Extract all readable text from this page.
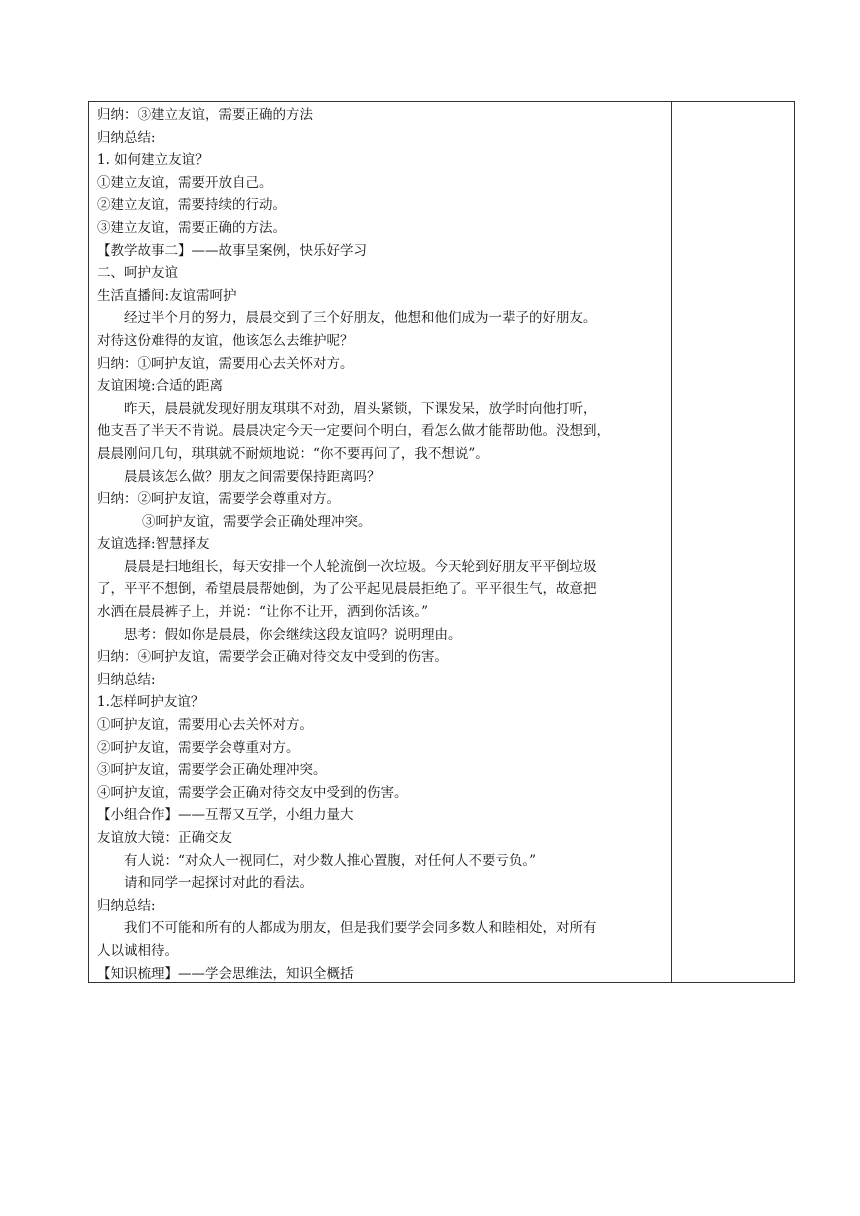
归纳：③建立友谊，需要正确的方法
归纳总结:
1. 如何建立友谊？
①建立友谊，需要开放自己。
②建立友谊，需要持续的行动。
③建立友谊，需要正确的方法。
【教学故事二】——故事呈案例，快乐好学习
二、呵护友谊
生活直播间:友谊需呵护
经过半个月的努力，晨晨交到了三个好朋友，他想和他们成为一辈子的好朋友。
对待这份难得的友谊，他该怎么去维护呢？
归纳：①呵护友谊，需要用心去关怀对方。
友谊困境:合适的距离
昨天，晨晨就发现好朋友琪琪不对劲，眉头紧锁，下课发呆，放学时向他打听，
他支吾了半天不肯说。晨晨决定今天一定要问个明白，看怎么做才能帮助他。没想到，
晨晨刚问几句，琪琪就不耐烦地说：“你不要再问了，我不想说”。
晨晨该怎么做？朋友之间需要保持距离吗？
归纳：②呵护友谊，需要学会尊重对方。
③呵护友谊，需要学会正确处理冲突。
友谊选择:智慧择友
晨晨是扫地组长，每天安排一个人轮流倒一次垃圾。今天轮到好朋友平平倒垃圾
了，平平不想倒，希望晨晨帮她倒，为了公平起见晨晨拒绝了。平平很生气，故意把
水洒在晨晨裤子上，并说：“让你不让开，洒到你活该。”
思考：假如你是晨晨，你会继续这段友谊吗？说明理由。
归纳：④呵护友谊，需要学会正确对待交友中受到的伤害。
归纳总结:
1.怎样呵护友谊？
①呵护友谊，需要用心去关怀对方。
②呵护友谊，需要学会尊重对方。
③呵护友谊，需要学会正确处理冲突。
④呵护友谊，需要学会正确对待交友中受到的伤害。
【小组合作】——互帮又互学，小组力量大
友谊放大镜：正确交友
有人说：“对众人一视同仁，对少数人推心置腹，对任何人不要亏负。”
请和同学一起探讨对此的看法。
归纳总结:
我们不可能和所有的人都成为朋友，但是我们要学会同多数人和睦相处，对所有
人以诚相待。
【知识梳理】——学会思维法，知识全概括
